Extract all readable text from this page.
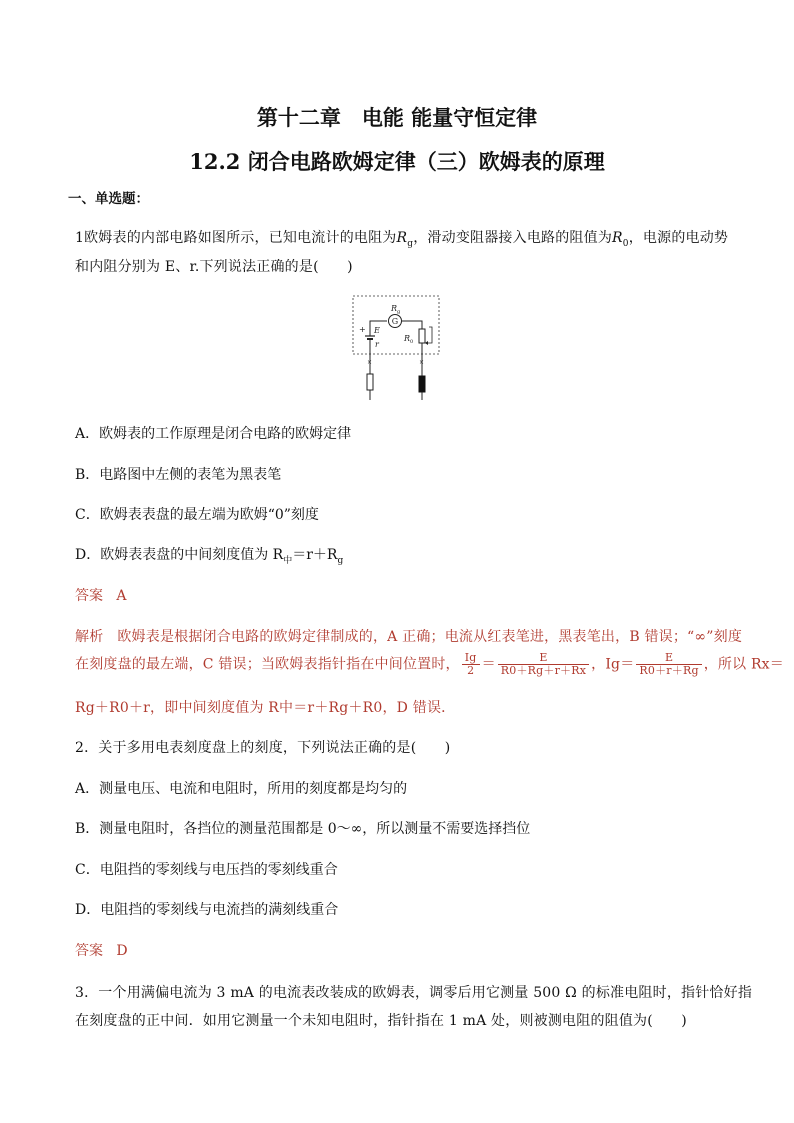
第十二章　电能 能量守恒定律
12.2 闭合电路欧姆定律（三）欧姆表的原理
一、单选题：
1欧姆表的内部电路如图所示，已知电流计的电阻为$R_g$，滑动变阻器接入电路的阻值为$R_0$，电源的电动势
和内阻分别为 E、r.下列说法正确的是(　　)
G
R g
R 0
+ E
r
×	×
A．欧姆表的工作原理是闭合电路的欧姆定律
B．电路图中左侧的表笔为黑表笔
C．欧姆表表盘的最左端为欧姆“0”刻度
D．欧姆表表盘的中间刻度值为 $R_中=r+R_g$
答案 A
解析 欧姆表是根据闭合电路的欧姆定律制成的，A 正确；电流从红表笔进，黑表笔出，B 错误；“∞”刻度
在刻度盘的最左端，C 错误；当欧姆表指针指在中间位置时， $\frac{Ig}{2} = \frac{E}{R0+Rg+r+Rx}$ ，$Ig= \frac{E}{R0+r+Rg}$ ，所以 Rx＝
Rg＋R0＋r，即中间刻度值为 R中＝r＋Rg＋R0，D 错误．
2．关于多用电表刻度盘上的刻度，下列说法正确的是(　　)
A．测量电压、电流和电阻时，所用的刻度都是均匀的
B．测量电阻时，各挡位的测量范围都是 0～∞，所以测量不需要选择挡位
C．电阻挡的零刻线与电压挡的零刻线重合
D．电阻挡的零刻线与电流挡的满刻线重合
答案 D
3．一个用满偏电流为 3 mA 的电流表改装成的欧姆表，调零后用它测量 500 Ω 的标准电阻时，指针恰好指
在刻度盘的正中间．如用它测量一个未知电阻时，指针指在 1 mA 处，则被测电阻的阻值为(　　)
